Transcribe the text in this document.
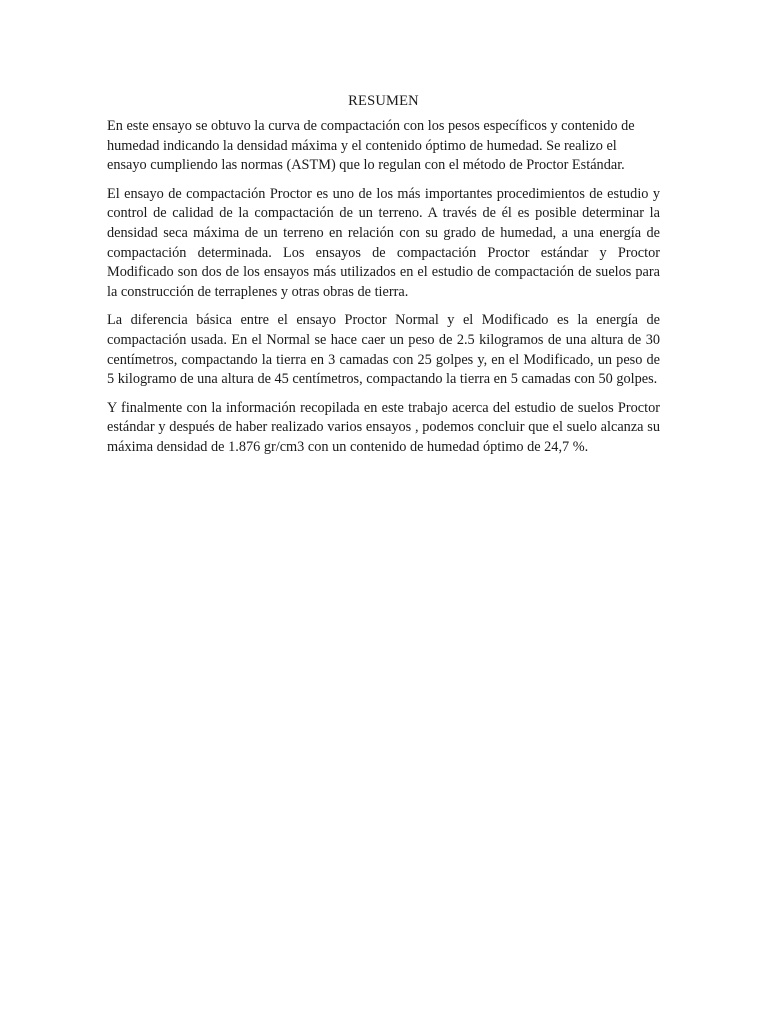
RESUMEN

En este ensayo se obtuvo la curva de compactación con los pesos específicos y contenido de humedad indicando la densidad máxima y el contenido óptimo de humedad. Se realizo el ensayo cumpliendo las normas (ASTM) que lo regulan con el método de Proctor Estándar.

El ensayo de compactación Proctor es uno de los más importantes procedimientos de estudio y control de calidad de la compactación de un terreno. A través de él es posible determinar la densidad seca máxima de un terreno en relación con su grado de humedad, a una energía de compactación determinada. Los ensayos de compactación Proctor estándar y Proctor Modificado son dos de los ensayos más utilizados en el estudio de compactación de suelos para la construcción de terraplenes y otras obras de tierra.

La diferencia básica entre el ensayo Proctor Normal y el Modificado es la energía de compactación usada. En el Normal se hace caer un peso de 2.5 kilogramos de una altura de 30 centímetros, compactando la tierra en 3 camadas con 25 golpes y, en el Modificado, un peso de 5 kilogramo de una altura de 45 centímetros, compactando la tierra en 5 camadas con 50 golpes.

Y finalmente con la información recopilada en este trabajo acerca del estudio de suelos Proctor estándar y después de haber realizado varios ensayos , podemos concluir que el suelo alcanza su máxima densidad de 1.876 gr/cm3 con un contenido de humedad óptimo de 24,7 %.
